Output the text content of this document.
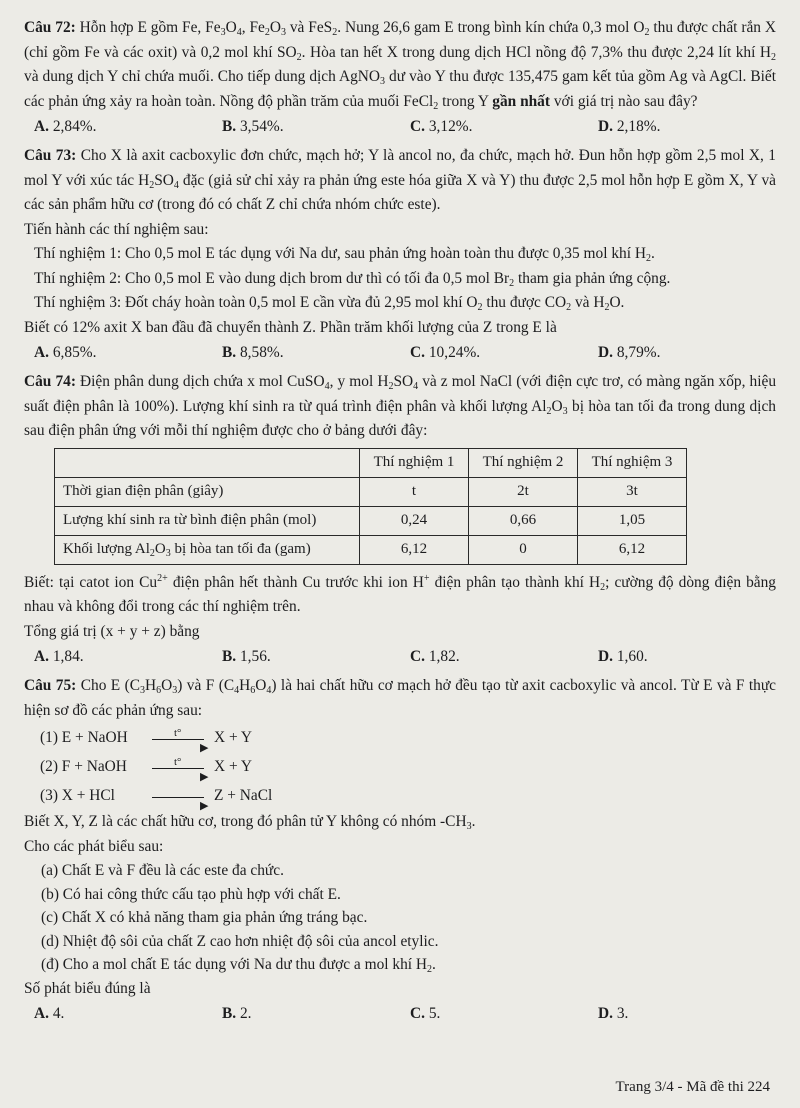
Câu 72: Hỗn hợp E gồm Fe, $Fe_3O_4$, $Fe_2O_3$ và FeS$_2$. Nung 26,6 gam E trong bình kín chứa 0,3 mol $O_2$ thu được chất rắn X (chỉ gồm Fe và các oxit) và 0,2 mol khí $SO_2$. Hòa tan hết X trong dung dịch HCl nồng độ 7,3% thu được 2,24 lít khí $H_2$ và dung dịch Y chỉ chứa muối. Cho tiếp dung dịch AgNO$_3$ dư vào Y thu được 135,475 gam kết tủa gồm Ag và AgCl. Biết các phản ứng xảy ra hoàn toàn. Nồng độ phần trăm của muối FeCl$_2$ trong Y gần nhất với giá trị nào sau đây?

A. 2,84%.	B. 3,54%.	C. 3,12%.	D. 2,18%.

Câu 73: Cho X là axit cacboxylic đơn chức, mạch hở; Y là ancol no, đa chức, mạch hở. Đun hỗn hợp gồm 2,5 mol X, 1 mol Y với xúc tác $H_2SO_4$ đặc (giả sử chỉ xảy ra phản ứng este hóa giữa X và Y) thu được 2,5 mol hỗn hợp E gồm X, Y và các sản phẩm hữu cơ (trong đó có chất Z chỉ chứa nhóm chức este).

Tiến hành các thí nghiệm sau:

Thí nghiệm 1: Cho 0,5 mol E tác dụng với Na dư, sau phản ứng hoàn toàn thu được 0,35 mol khí $H_2$.

Thí nghiệm 2: Cho 0,5 mol E vào dung dịch brom dư thì có tối đa 0,5 mol $Br_2$ tham gia phản ứng cộng.

Thí nghiệm 3: Đốt cháy hoàn toàn 0,5 mol E cần vừa đủ 2,95 mol khí $O_2$ thu được $CO_2$ và $H_2O$.

Biết có 12% axit X ban đầu đã chuyển thành Z. Phần trăm khối lượng của Z trong E là

A. 6,85%.	B. 8,58%.	C. 10,24%.	D. 8,79%.

Câu 74: Điện phân dung dịch chứa x mol CuSO$_4$, y mol $H_2SO_4$ và z mol NaCl (với điện cực trơ, có màng ngăn xốp, hiệu suất điện phân là 100%). Lượng khí sinh ra từ quá trình điện phân và khối lượng $Al_2O_3$ bị hòa tan tối đa trong dung dịch sau điện phân ứng với mỗi thí nghiệm được cho ở bảng dưới đây:

	Thí nghiệm 1	Thí nghiệm 2	Thí nghiệm 3
Thời gian điện phân (giây)	t	2t	3t
Lượng khí sinh ra từ bình điện phân (mol)	0,24	0,66	1,05
Khối lượng $Al_2O_3$ bị hòa tan tối đa (gam)	6,12	0	6,12

Biết: tại catot ion $Cu^{2+}$ điện phân hết thành Cu trước khi ion H+ điện phân tạo thành khí $H_2$; cường độ dòng điện bằng nhau và không đổi trong các thí nghiệm trên.

Tổng giá trị (x + y + z) bằng

A. 1,84.	B. 1,56.	C. 1,82.	D. 1,60.

Câu 75: Cho E $(C_3H_6O_3)$ và F $(C_4H_6O_4)$ là hai chất hữu cơ mạch hở đều tạo từ axit cacboxylic và ancol. Từ E và F thực hiện sơ đồ các phản ứng sau:

(1) E + NaOH	t°
▶
X + Y
(2) F + NaOH	t°
▶
X + Y
(3) X + HCl
▶
Z + NaCl

Biết X, Y, Z là các chất hữu cơ, trong đó phân tử Y không có nhóm $-CH_3$.

Cho các phát biểu sau:

(a) Chất E và F đều là các este đa chức.

(b) Có hai công thức cấu tạo phù hợp với chất E.

(c) Chất X có khả năng tham gia phản ứng tráng bạc.

(d) Nhiệt độ sôi của chất Z cao hơn nhiệt độ sôi của ancol etylic.

(đ) Cho a mol chất E tác dụng với Na dư thu được a mol khí $H_2$.

Số phát biểu đúng là

A. 4.	B. 2.	C. 5.	D. 3.
Trang 3/4 - Mã đề thi 224
